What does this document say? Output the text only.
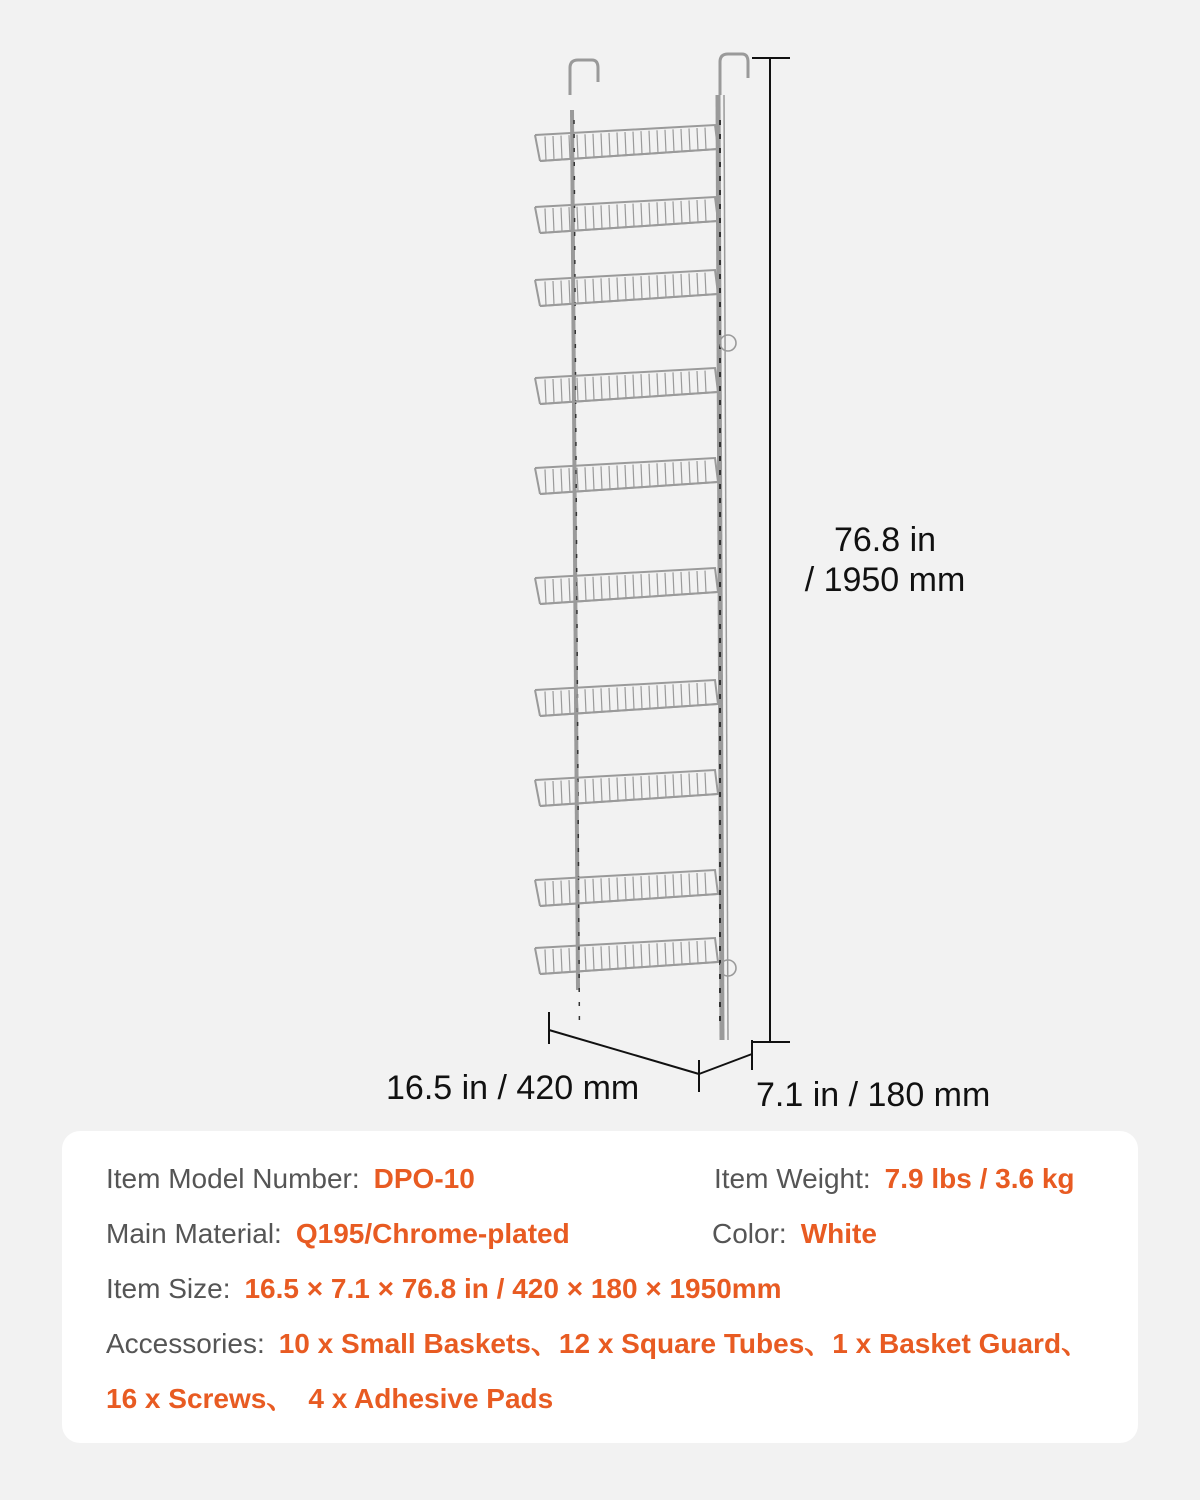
76.8 in
/ 1950 mm
16.5 in / 420 mm	7.1 in / 180 mm
Item Model Number: DPO-10	Item Weight: 7.9 lbs / 3.6 kg
Main Material: Q195/Chrome-plated	Color: White
Item Size: 16.5 × 7.1 × 76.8 in / 420 × 180 × 1950mm
Accessories: 10 x Small Baskets、12 x Square Tubes、1 x Basket Guard、
16 x Screws、 4 x Adhesive Pads
